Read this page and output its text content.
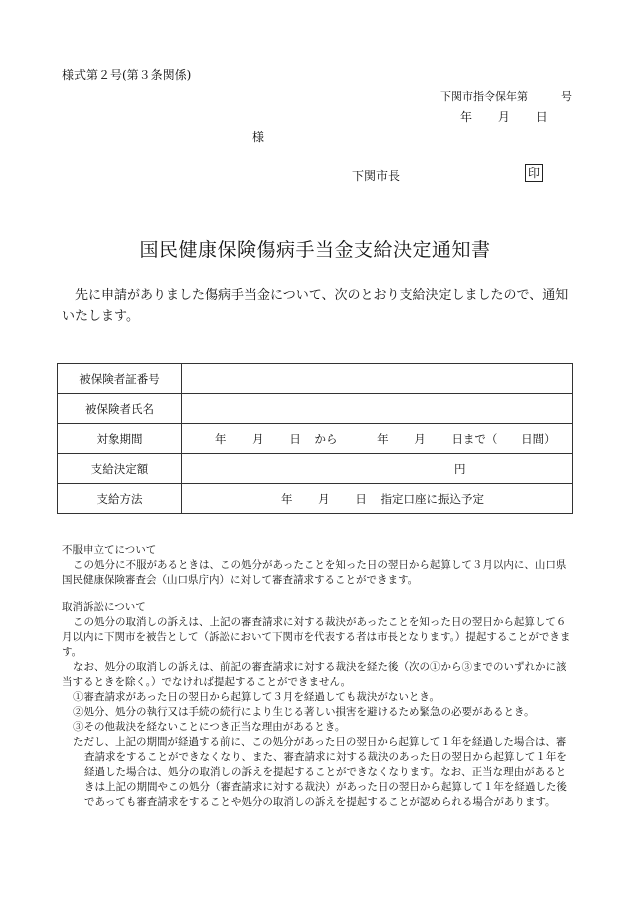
様式第２号(第３条関係)
下関市指令保年第　　　号
年 月 日
様
下関市長	印
国民健康保険傷病手当金支給決定通知書
先に申請がありました傷病手当金について、次のとおり支給決定しましたので、通知いたします。
被保険者証番号	
被保険者氏名	
対象期間	年 月 日 から 年 月 日まで（ 日間）
支給決定額	円
支給方法	年 月 日 指定口座に振込予定

不服申立てについて

この処分に不服があるときは、この処分があったことを知った日の翌日から起算して３月以内に、山口県国民健康保険審査会（山口県庁内）に対して審査請求することができます。

取消訴訟について

この処分の取消しの訴えは、上記の審査請求に対する裁決があったことを知った日の翌日から起算して６月以内に下関市を被告として（訴訟において下関市を代表する者は市長となります。）提起することができます。

なお、処分の取消しの訴えは、前記の審査請求に対する裁決を経た後（次の①から③までのいずれかに該当するときを除く。）でなければ提起することができません。

①審査請求があった日の翌日から起算して３月を経過しても裁決がないとき。

②処分、処分の執行又は手続の続行により生じる著しい損害を避けるため緊急の必要があるとき。

③その他裁決を経ないことにつき正当な理由があるとき。

ただし、上記の期間が経過する前に、この処分があった日の翌日から起算して１年を経過した場合は、審査請求をすることができなくなり、また、審査請求に対する裁決のあった日の翌日から起算して１年を経過した場合は、処分の取消しの訴えを提起することができなくなります。なお、正当な理由があるときは上記の期間やこの処分（審査請求に対する裁決）があった日の翌日から起算して１年を経過した後であっても審査請求をすることや処分の取消しの訴えを提起することが認められる場合があります。
